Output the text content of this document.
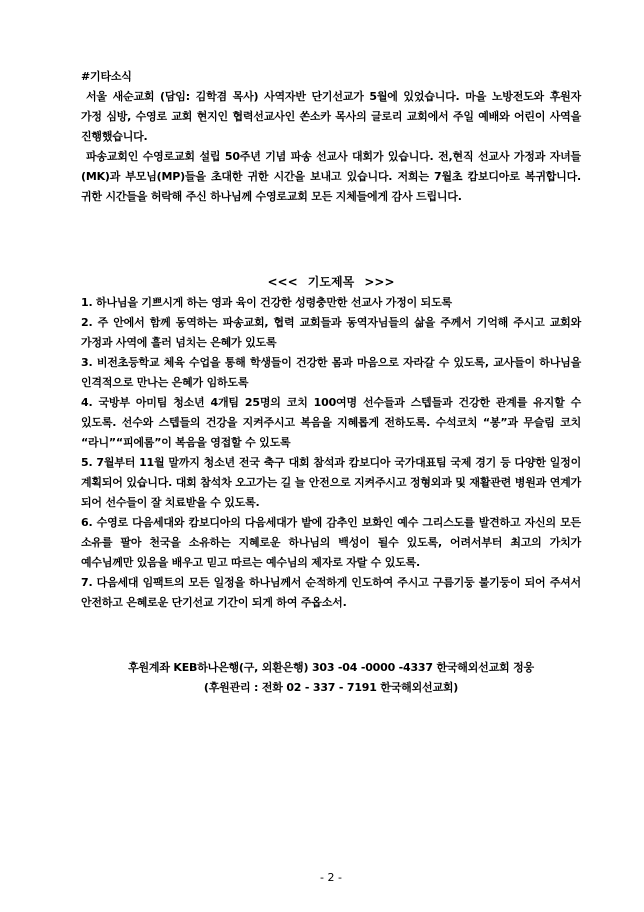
#기타소식

서울 새순교회 (담임: 김학겸 목사) 사역자반 단기선교가 5월에 있었습니다. 마을 노방전도와 후원자 가정 심방, 수영로 교회 현지인 협력선교사인 쏜소카 목사의 글로리 교회에서 주일 예배와 어린이 사역을 진행했습니다.

파송교회인 수영로교회 설립 50주년 기념 파송 선교사 대회가 있습니다. 전,현직 선교사 가정과 자녀들(MK)과 부모님(MP)들을 초대한 귀한 시간을 보내고 있습니다. 저희는 7월초 캄보디아로 복귀합니다. 귀한 시간들을 허락해 주신 하나님께 수영로교회 모든 지체들에게 감사 드립니다.

<<< 기도제목 >>>

1. 하나님을 기쁘시게 하는 영과 육이 건강한 성령충만한 선교사 가정이 되도록

2. 주 안에서 함께 동역하는 파송교회, 협력 교회들과 동역자님들의 삶을 주께서 기억해 주시고 교회와 가정과 사역에 흘러 넘치는 은혜가 있도록

3. 비전초등학교 체육 수업을 통해 학생들이 건강한 몸과 마음으로 자라갈 수 있도록, 교사들이 하나님을 인격적으로 만나는 은혜가 임하도록

4. 국방부 아미팀 청소년 4개팀 25명의 코치 100여명 선수들과 스텝들과 건강한 관계를 유지할 수 있도록. 선수와 스텝들의 건강을 지켜주시고 복음을 지혜롭게 전하도록. 수석코치 “봉”과 무슬림 코치 “라니”“피에롬”이 복음을 영접할 수 있도록

5. 7월부터 11월 말까지 청소년 전국 축구 대회 참석과 캄보디아 국가대표팀 국제 경기 등 다양한 일정이 계획되어 있습니다. 대회 참석차 오고가는 길 늘 안전으로 지켜주시고 정형외과 및 재활관련 병원과 연계가 되어 선수들이 잘 치료받을 수 있도록.

6. 수영로 다음세대와 캄보디아의 다음세대가 밭에 감추인 보화인 예수 그리스도를 발견하고 자신의 모든 소유를 팔아 천국을 소유하는 지혜로운 하나님의 백성이 될수 있도록, 어려서부터 최고의 가치가 예수님께만 있음을 배우고 믿고 따르는 예수님의 제자로 자랄 수 있도록.

7. 다음세대 임팩트의 모든 일정을 하나님께서 순적하게 인도하여 주시고 구름기둥 불기둥이 되어 주셔서 안전하고 은혜로운 단기선교 기간이 되게 하여 주옵소서.

후원계좌 KEB하나은행(구, 외환은행) 303 -04 -0000 -4337 한국해외선교회 정웅

(후원관리 : 전화 02 - 337 - 7191 한국해외선교회)

- 2 -
